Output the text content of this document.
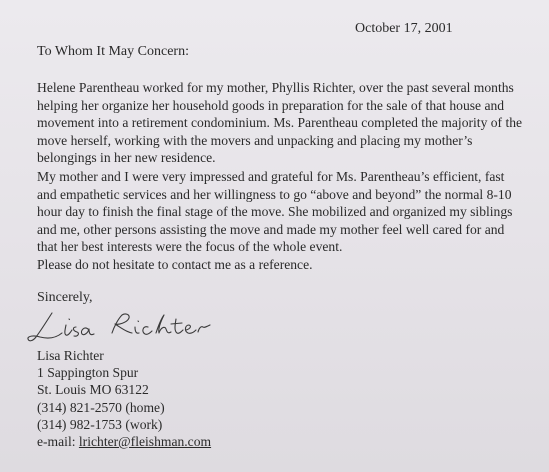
October 17, 2001
To Whom It May Concern:
Helene Parentheau worked for my mother, Phyllis Richter, over the past several months
helping her organize her household goods in preparation for the sale of that house and
movement into a retirement condominium. Ms. Parentheau completed the majority of the
move herself, working with the movers and unpacking and placing my mother’s
belongings in her new residence.
My mother and I were very impressed and grateful for Ms. Parentheau’s efficient, fast
and empathetic services and her willingness to go “above and beyond” the normal 8-10
hour day to finish the final stage of the move. She mobilized and organized my siblings
and me, other persons assisting the move and made my mother feel well cared for and
that her best interests were the focus of the whole event.
Please do not hesitate to contact me as a reference.
Sincerely,
Lisa Richter
1 Sappington Spur
St. Louis MO 63122
(314) 821-2570 (home)
(314) 982-1753 (work)
e-mail: lrichter@fleishman.com
